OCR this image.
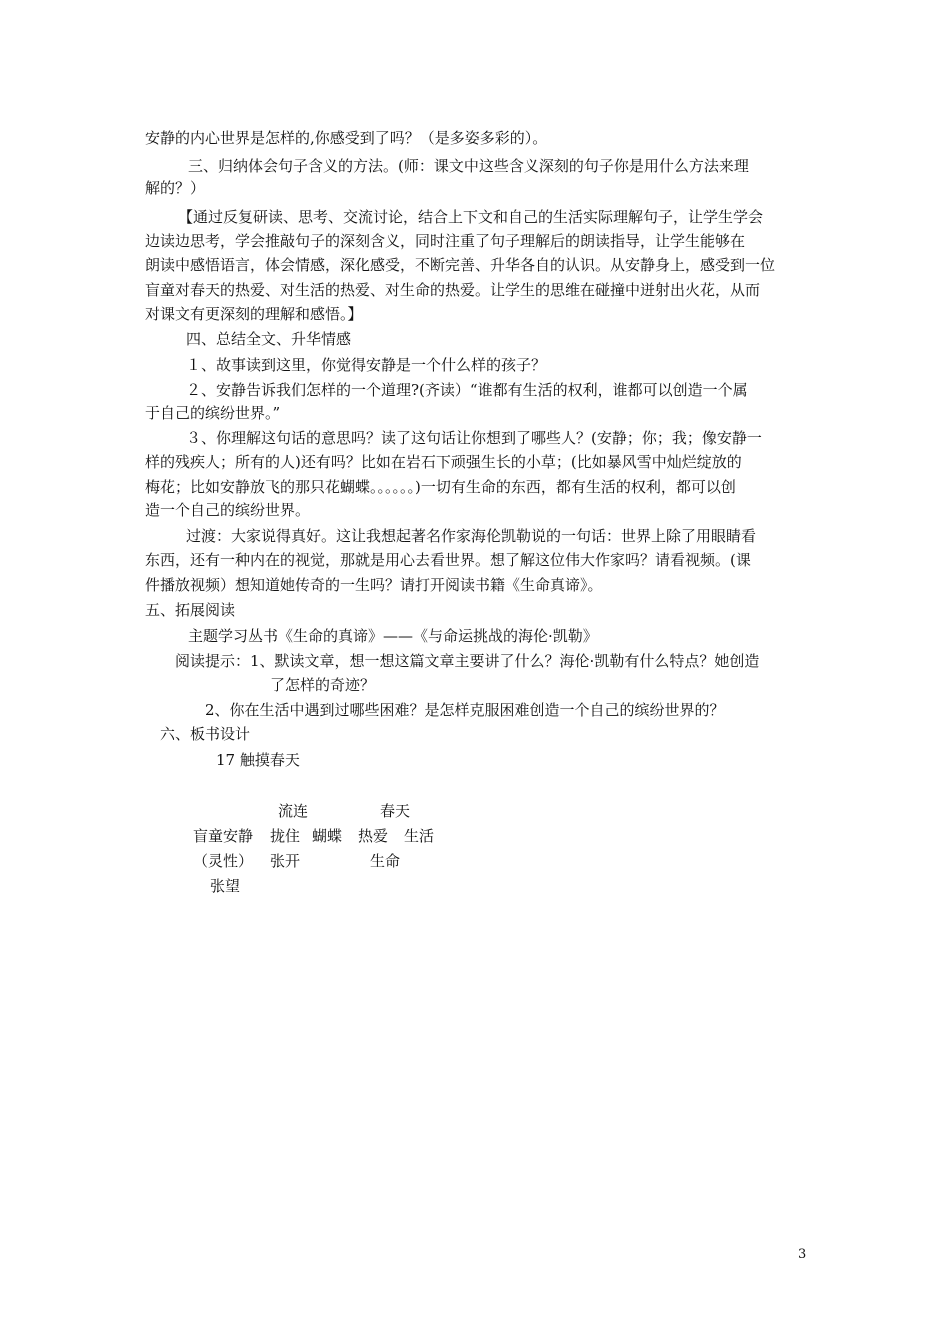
安静的内心世界是怎样的,你感受到了吗？（是多姿多彩的）。
三、归纳体会句子含义的方法。(师：课文中这些含义深刻的句子你是用什么方法来理
解的？）
【通过反复研读、思考、交流讨论，结合上下文和自己的生活实际理解句子，让学生学会
边读边思考，学会推敲句子的深刻含义，同时注重了句子理解后的朗读指导，让学生能够在
朗读中感悟语言，体会情感，深化感受，不断完善、升华各自的认识。从安静身上，感受到一位
盲童对春天的热爱、对生活的热爱、对生命的热爱。让学生的思维在碰撞中迸射出火花，从而
对课文有更深刻的理解和感悟。】
四、总结全文、升华情感
１、故事读到这里，你觉得安静是一个什么样的孩子？
２、安静告诉我们怎样的一个道理?(齐读）“谁都有生活的权利，谁都可以创造一个属
于自己的缤纷世界。”
３、你理解这句话的意思吗？读了这句话让你想到了哪些人？(安静；你；我；像安静一
样的残疾人；所有的人)还有吗？比如在岩石下顽强生长的小草；(比如暴风雪中灿烂绽放的
梅花；比如安静放飞的那只花蝴蝶。。。。。。)一切有生命的东西，都有生活的权利，都可以创
造一个自己的缤纷世界。
过渡：大家说得真好。这让我想起著名作家海伦凯勒说的一句话：世界上除了用眼睛看
东西，还有一种内在的视觉，那就是用心去看世界。想了解这位伟大作家吗？请看视频。(课
件播放视频）想知道她传奇的一生吗？请打开阅读书籍《生命真谛》。
五、拓展阅读
主题学习丛书《生命的真谛》——《与命运挑战的海伦·凯勒》
阅读提示：1、默读文章，想一想这篇文章主要讲了什么？海伦·凯勒有什么特点？她创造
了怎样的奇迹？
2、你在生活中遇到过哪些困难？是怎样克服困难创造一个自己的缤纷世界的？
六、板书设计
17 触摸春天
流连	春天
盲童安静 拢住 蝴蝶 热爱 生活
（灵性） 张开	生命
张望
3
